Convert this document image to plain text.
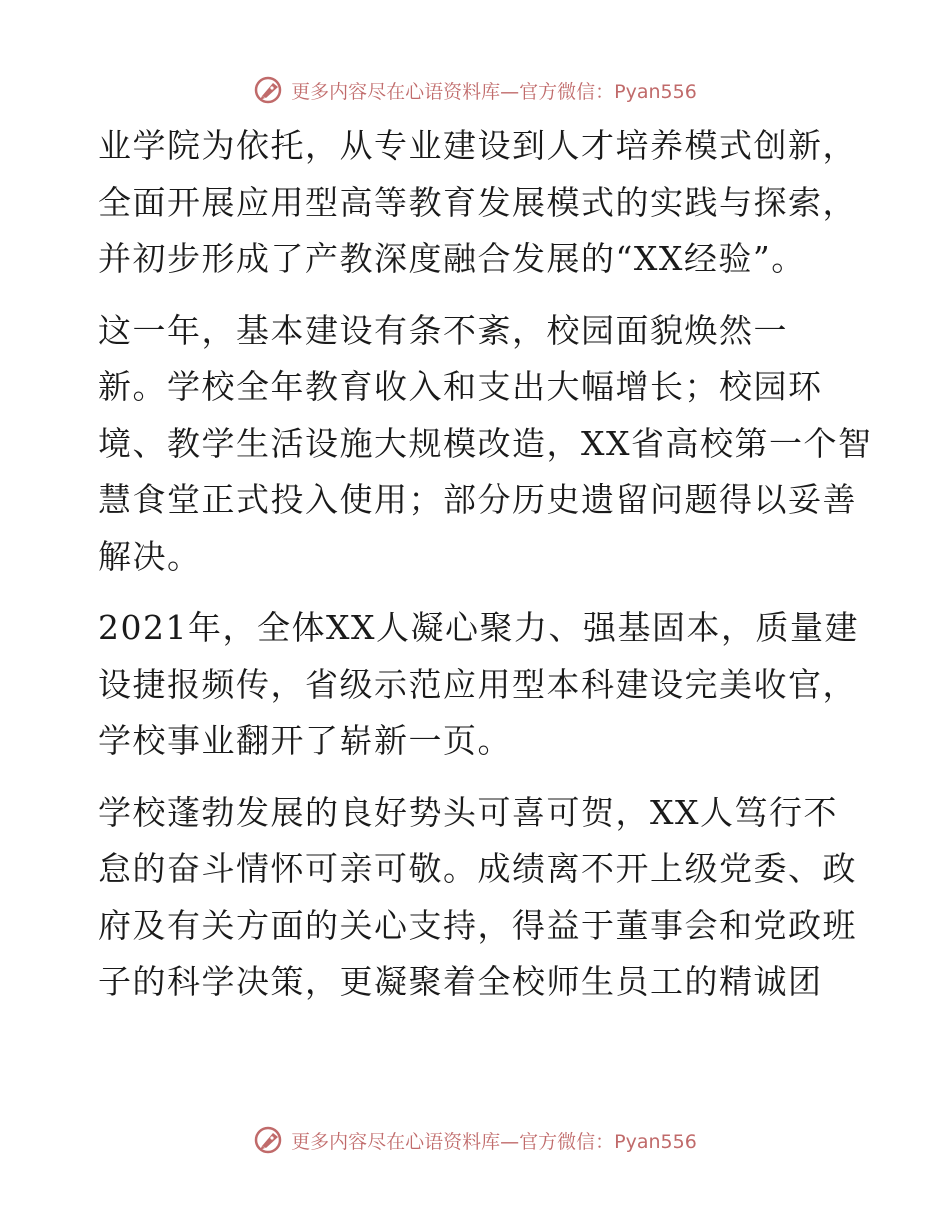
更多内容尽在心语资料库—官方微信：Pyan556
业学院为依托，从专业建设到人才培养模式创新，
全面开展应用型高等教育发展模式的实践与探索，
并初步形成了产教深度融合发展的“XX经验”。
这一年，基本建设有条不紊，校园面貌焕然一
新。学校全年教育收入和支出大幅增长；校园环
境、教学生活设施大规模改造，XX省高校第一个智
慧食堂正式投入使用；部分历史遗留问题得以妥善
解决。
2021年，全体XX人凝心聚力、强基固本，质量建
设捷报频传，省级示范应用型本科建设完美收官，
学校事业翻开了崭新一页。
学校蓬勃发展的良好势头可喜可贺，XX人笃行不
怠的奋斗情怀可亲可敬。成绩离不开上级党委、政
府及有关方面的关心支持，得益于董事会和党政班
子的科学决策，更凝聚着全校师生员工的精诚团
更多内容尽在心语资料库—官方微信：Pyan556
